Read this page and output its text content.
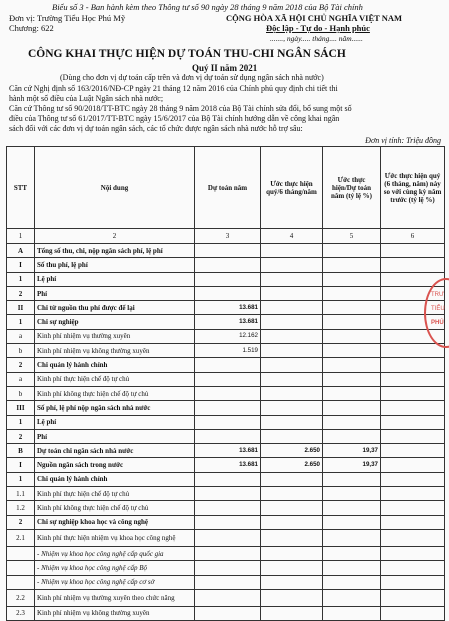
Biểu số 3 - Ban hành kèm theo Thông tư số 90 ngày 28 tháng 9 năm 2018 của Bộ Tài chính
Đơn vị: Trường Tiểu Học Phú Mỹ
Chương: 622
CỘNG HÒA XÃ HỘI CHỦ NGHĨA VIỆT NAM
Độc lập - Tự do - Hạnh phúc
......., ngày..... tháng.... năm......
CÔNG KHAI THỰC HIỆN DỰ TOÁN THU-CHI NGÂN SÁCH
Quý II năm 2021
(Dùng cho đơn vị dự toán cấp trên và đơn vị dự toán sử dụng ngân sách nhà nước)
Căn cứ Nghị định số 163/2016/NĐ-CP ngày 21 tháng 12 năm 2016 của Chính phủ quy định chi tiết thi
hành một số điều của Luật Ngân sách nhà nước;
Căn cứ Thông tư số 90/2018/TT-BTC ngày 28 tháng 9 năm 2018 của Bộ Tài chính sửa đổi, bổ sung một số
điều của Thông tư số 61/2017/TT-BTC ngày 15/6/2017 của Bộ Tài chính hướng dẫn về công khai ngân
sách đối với các đơn vị dự toán ngân sách, các tổ chức được ngân sách nhà nước hỗ trợ sâu:
Đơn vị tính: Triệu đồng
STT	Nội dung	Dự toán năm	Ước thực hiện quý/6 tháng/năm	Ước thực hiện/Dự toán năm (tỷ lệ %)	Ước thực hiện quý (6 tháng, năm) này so với cùng kỳ năm trước (tỷ lệ %)
1	2	3	4	5	6
A	Tổng số thu, chi, nộp ngân sách phí, lệ phí				
I	Số thu phí, lệ phí				
1	Lệ phí				
2	Phí				
II	Chi từ nguồn thu phí được để lại	13.681			
1	Chi sự nghiệp	13.681			
a	Kinh phí nhiệm vụ thường xuyên	12.162			
b	Kinh phí nhiệm vụ không thường xuyên	1.519			
2	Chi quản lý hành chính				
a	Kinh phí thực hiện chế độ tự chủ				
b	Kinh phí không thực hiện chế độ tự chủ				
III	Số phí, lệ phí nộp ngân sách nhà nước				
1	Lệ phí				
2	Phí				
B	Dự toán chi ngân sách nhà nước	13.681	2.650	19,37	
I	Nguồn ngân sách trong nước	13.681	2.650	19,37	
1	Chi quản lý hành chính				
1.1	Kinh phí thực hiện chế độ tự chủ				
1.2	Kinh phí không thực hiện chế độ tự chủ				
2	Chi sự nghiệp khoa học và công nghệ				
2.1	Kinh phí thực hiện nhiệm vụ khoa học công nghệ				
	- Nhiệm vụ khoa học công nghệ cấp quốc gia				
	- Nhiệm vụ khoa học công nghệ cấp Bộ				
	- Nhiệm vụ khoa học công nghệ cấp cơ sở				
2.2	Kinh phí nhiệm vụ thường xuyên theo chức năng				
2.3	Kinh phí nhiệm vụ không thường xuyên				
TRƯ
TIỂU
PHÚ
